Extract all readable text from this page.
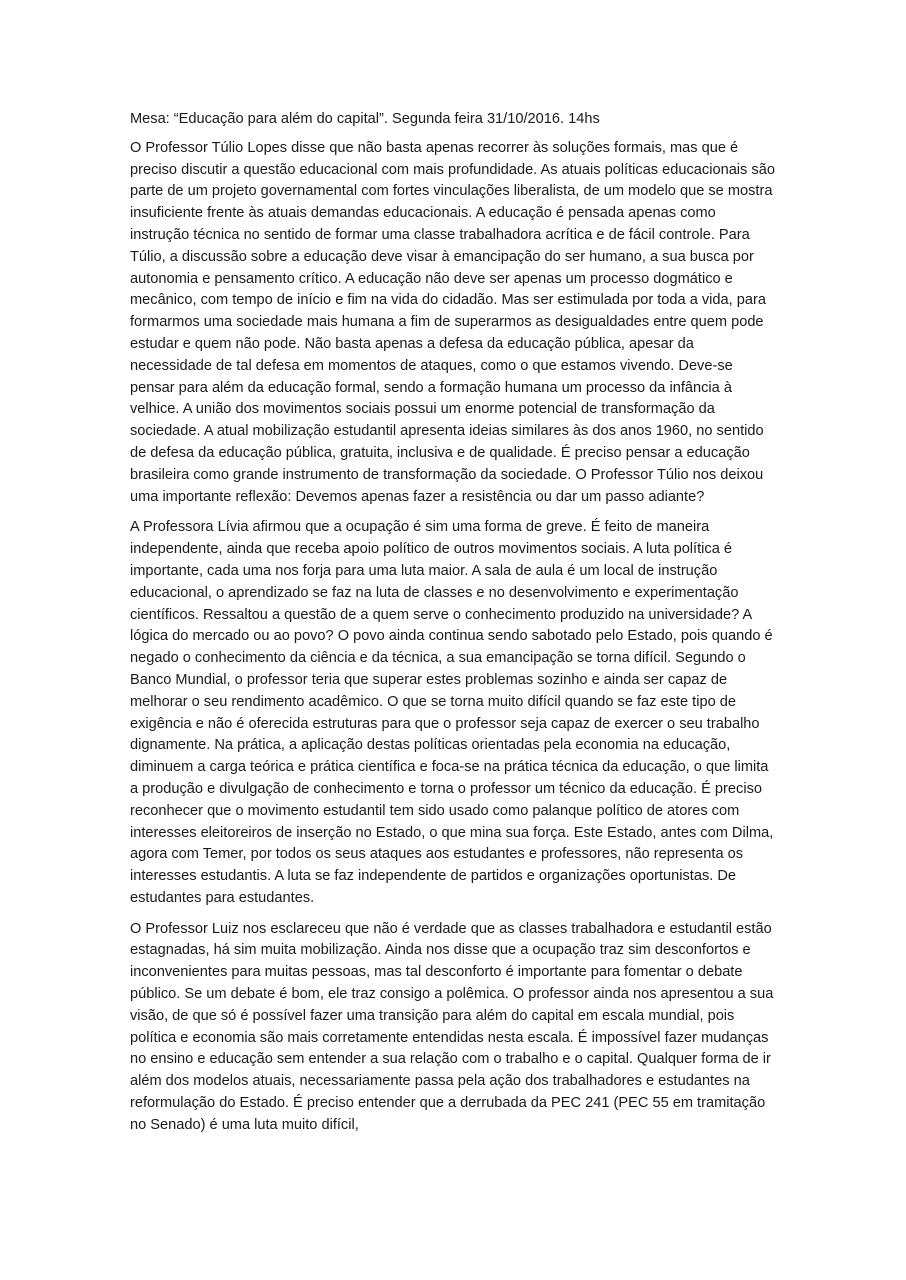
Mesa: “Educação para além do capital”. Segunda feira 31/10/2016. 14hs

O Professor Túlio Lopes disse que não basta apenas recorrer às soluções formais, mas que é preciso discutir a questão educacional com mais profundidade. As atuais políticas educacionais são parte de um projeto governamental com fortes vinculações liberalista, de um modelo que se mostra insuficiente frente às atuais demandas educacionais. A educação é pensada apenas como instrução técnica no sentido de formar uma classe trabalhadora acrítica e de fácil controle. Para Túlio, a discussão sobre a educação deve visar à emancipação do ser humano, a sua busca por autonomia e pensamento crítico. A educação não deve ser apenas um processo dogmático e mecânico, com tempo de início e fim na vida do cidadão. Mas ser estimulada por toda a vida, para formarmos uma sociedade mais humana a fim de superarmos as desigualdades entre quem pode estudar e quem não pode. Não basta apenas a defesa da educação pública, apesar da necessidade de tal defesa em momentos de ataques, como o que estamos vivendo. Deve-se pensar para além da educação formal, sendo a formação humana um processo da infância à velhice. A união dos movimentos sociais possui um enorme potencial de transformação da sociedade. A atual mobilização estudantil apresenta ideias similares às dos anos 1960, no sentido de defesa da educação pública, gratuita, inclusiva e de qualidade. É preciso pensar a educação brasileira como grande instrumento de transformação da sociedade. O Professor Túlio nos deixou uma importante reflexão: Devemos apenas fazer a resistência ou dar um passo adiante?

A Professora Lívia afirmou que a ocupação é sim uma forma de greve. É feito de maneira independente, ainda que receba apoio político de outros movimentos sociais. A luta política é importante, cada uma nos forja para uma luta maior. A sala de aula é um local de instrução educacional, o aprendizado se faz na luta de classes e no desenvolvimento e experimentação científicos. Ressaltou a questão de a quem serve o conhecimento produzido na universidade? A lógica do mercado ou ao povo? O povo ainda continua sendo sabotado pelo Estado, pois quando é negado o conhecimento da ciência e da técnica, a sua emancipação se torna difícil. Segundo o Banco Mundial, o professor teria que superar estes problemas sozinho e ainda ser capaz de melhorar o seu rendimento acadêmico. O que se torna muito difícil quando se faz este tipo de exigência e não é oferecida estruturas para que o professor seja capaz de exercer o seu trabalho dignamente. Na prática, a aplicação destas políticas orientadas pela economia na educação, diminuem a carga teórica e prática científica e foca-se na prática técnica da educação, o que limita a produção e divulgação de conhecimento e torna o professor um técnico da educação. É preciso reconhecer que o movimento estudantil tem sido usado como palanque político de atores com interesses eleitoreiros de inserção no Estado, o que mina sua força. Este Estado, antes com Dilma, agora com Temer, por todos os seus ataques aos estudantes e professores, não representa os interesses estudantis. A luta se faz independente de partidos e organizações oportunistas. De estudantes para estudantes.

O Professor Luiz nos esclareceu que não é verdade que as classes trabalhadora e estudantil estão estagnadas, há sim muita mobilização. Ainda nos disse que a ocupação traz sim desconfortos e inconvenientes para muitas pessoas, mas tal desconforto é importante para fomentar o debate público. Se um debate é bom, ele traz consigo a polêmica. O professor ainda nos apresentou a sua visão, de que só é possível fazer uma transição para além do capital em escala mundial, pois política e economia são mais corretamente entendidas nesta escala. É impossível fazer mudanças no ensino e educação sem entender a sua relação com o trabalho e o capital. Qualquer forma de ir além dos modelos atuais, necessariamente passa pela ação dos trabalhadores e estudantes na reformulação do Estado. É preciso entender que a derrubada da PEC 241 (PEC 55 em tramitação no Senado) é uma luta muito difícil,
